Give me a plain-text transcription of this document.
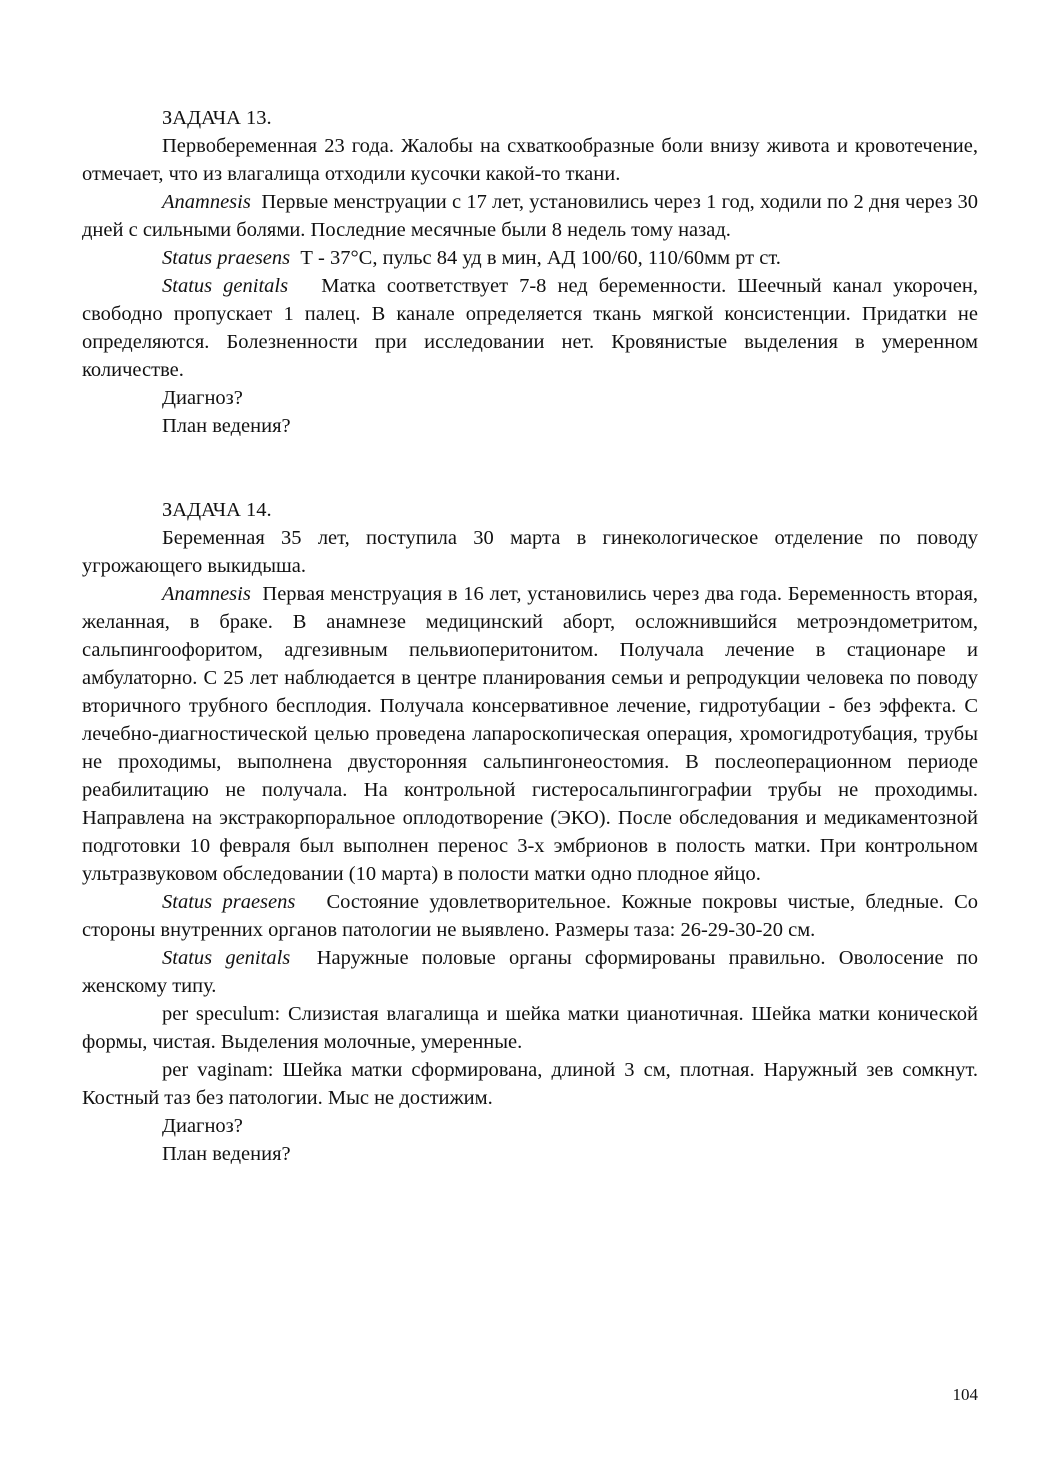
ЗАДАЧА 13.

Первобеременная 23 года. Жалобы на схваткообразные боли внизу живота и кровотечение, отмечает, что из влагалища отходили кусочки какой-то ткани.

Anamnesis Первые менструации с 17 лет, установились через 1 год, ходили по 2 дня через 30 дней с сильными болями. Последние месячные были 8 недель тому назад.

Status praesens Т - 37°С, пульс 84 уд в мин, АД 100/60, 110/60мм рт ст.

Status genitals Матка соответствует 7-8 нед беременности. Шеечный канал укорочен, свободно пропускает 1 палец. В канале определяется ткань мягкой консистенции. Придатки не определяются. Болезненности при исследовании нет. Кровянистые выделения в умеренном количестве.

Диагноз?

План ведения?

ЗАДАЧА 14.

Беременная 35 лет, поступила 30 марта в гинекологическое отделение по поводу угрожающего выкидыша.

Anamnesis Первая менструация в 16 лет, установились через два года. Беременность вторая, желанная, в браке. В анамнезе медицинский аборт, осложнившийся метроэндометритом, сальпингоофоритом, адгезивным пельвиоперитонитом. Получала лечение в стационаре и амбулаторно. С 25 лет наблюдается в центре планирования семьи и репродукции человека по поводу вторичного трубного бесплодия. Получала консервативное лечение, гидротубации - без эффекта. С лечебно-диагностической целью проведена лапароскопическая операция, хромогидротубация, трубы не проходимы, выполнена двусторонняя сальпингонеостомия. В послеоперационном периоде реабилитацию не получала. На контрольной гистеросальпингографии трубы не проходимы. Направлена на экстракорпоральное оплодотворение (ЭКО). После обследования и медикаментозной подготовки 10 февраля был выполнен перенос 3-х эмбрионов в полость матки. При контрольном ультразвуковом обследовании (10 марта) в полости матки одно плодное яйцо.

Status praesens Состояние удовлетворительное. Кожные покровы чистые, бледные. Со стороны внутренних органов патологии не выявлено. Размеры таза: 26-29-30-20 см.

Status genitals Наружные половые органы сформированы правильно. Оволосение по женскому типу.

per speculum: Слизистая влагалища и шейка матки цианотичная. Шейка матки конической формы, чистая. Выделения молочные, умеренные.

per vaginam: Шейка матки сформирована, длиной 3 см, плотная. Наружный зев сомкнут. Костный таз без патологии. Мыс не достижим.

Диагноз?

План ведения?

104
